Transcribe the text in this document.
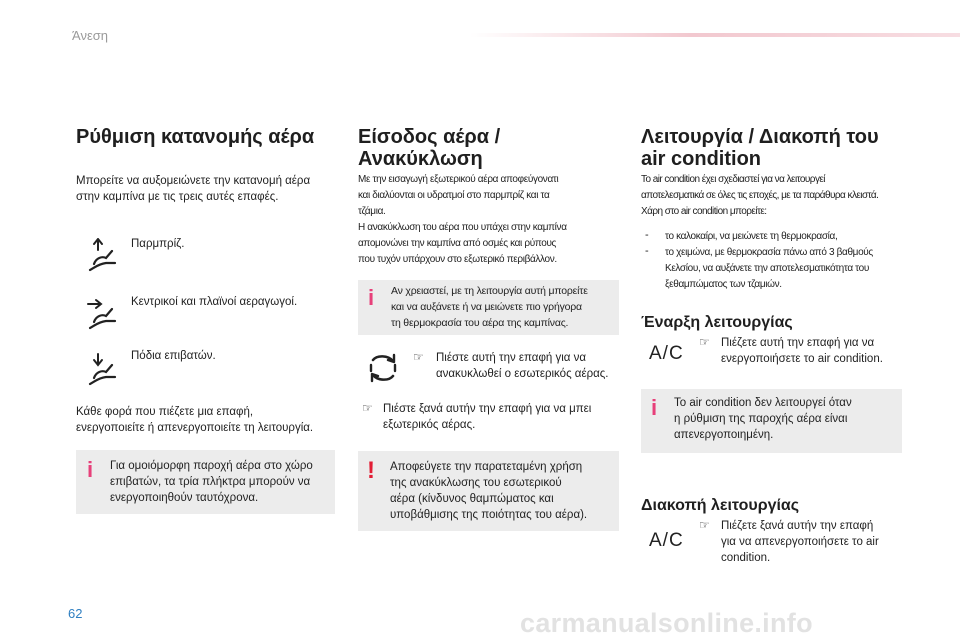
Άνεση
Ρύθμιση κατανομής αέρα

Μπορείτε να αυξομειώνετε την κατανομή αέρα

στην καμπίνα με τις τρεις αυτές επαφές.

Παρμπρίζ.
Κεντρικοί και πλαϊνοί αεραγωγοί.
Πόδια επιβατών.

Κάθε φορά που πιέζετε μια επαφή,

ενεργοποιείτε ή απενεργοποιείτε τη λειτουργία.

i Για ομοιόμορφη παροχή αέρα στο χώρο

επιβατών, τα τρία πλήκτρα μπορούν να

ενεργοποιηθούν ταυτόχρονα.

Είσοδος αέρα /
Ανακύκλωση

Με την εισαγωγή εξωτερικού αέρα αποφεύγονατι

και διαλύονται οι υδρατμοί στο παρμπρίζ και τα

τζάμια.

Η ανακύκλωση του αέρα που υπάχει στην καμπίνα

απομονώνει την καμπίνα από οσμές και ρύπους

που τυχόν υπάρχουν στο εξωτερικό περιβάλλον.

i Αν χρειαστεί, με τη λειτουργία αυτή μπορείτε

και να αυξάνετε ή να μειώνετε πιο γρήγορα

τη θερμοκρασία του αέρα της καμπίνας.

☞ Πιέστε αυτή την επαφή για να

ανακυκλωθεί ο εσωτερικός αέρας.

☞ Πιέστε ξανά αυτήν την επαφή για να μπει

εξωτερικός αέρας.

! Αποφεύγετε την παρατεταμένη χρήση

της ανακύκλωσης του εσωτερικού

αέρα (κίνδυνος θαμπώματος και

υποβάθμισης της ποιότητας του αέρα).

Λειτουργία / Διακοπή του
air condition

Το air condition έχει σχεδιαστεί για να λειτουργεί

αποτελεσματικά σε όλες τις εποχές, με τα παράθυρα κλειστά.

Χάρη στο air condition μπορείτε:

- το καλοκαίρι, να μειώνετε τη θερμοκρασία,

- το χειμώνα, με θερμοκρασία πάνω από 3 βαθμούς

Κελσίου, να αυξάνετε την αποτελεσματικότητα του

ξεθαμπώματος των τζαμιών.

Έναρξη λειτουργίας
A/C
☞ Πιέζετε αυτή την επαφή για να

ενεργοποιήσετε το air condition.

i Το air condition δεν λειτουργεί όταν

η ρύθμιση της παροχής αέρα είναι

απενεργοποιημένη.

Διακοπή λειτουργίας
A/C
☞ Πιέζετε ξανά αυτήν την επαφή

για να απενεργοποιήσετε το air

condition.

62	carmanualsonline.info
